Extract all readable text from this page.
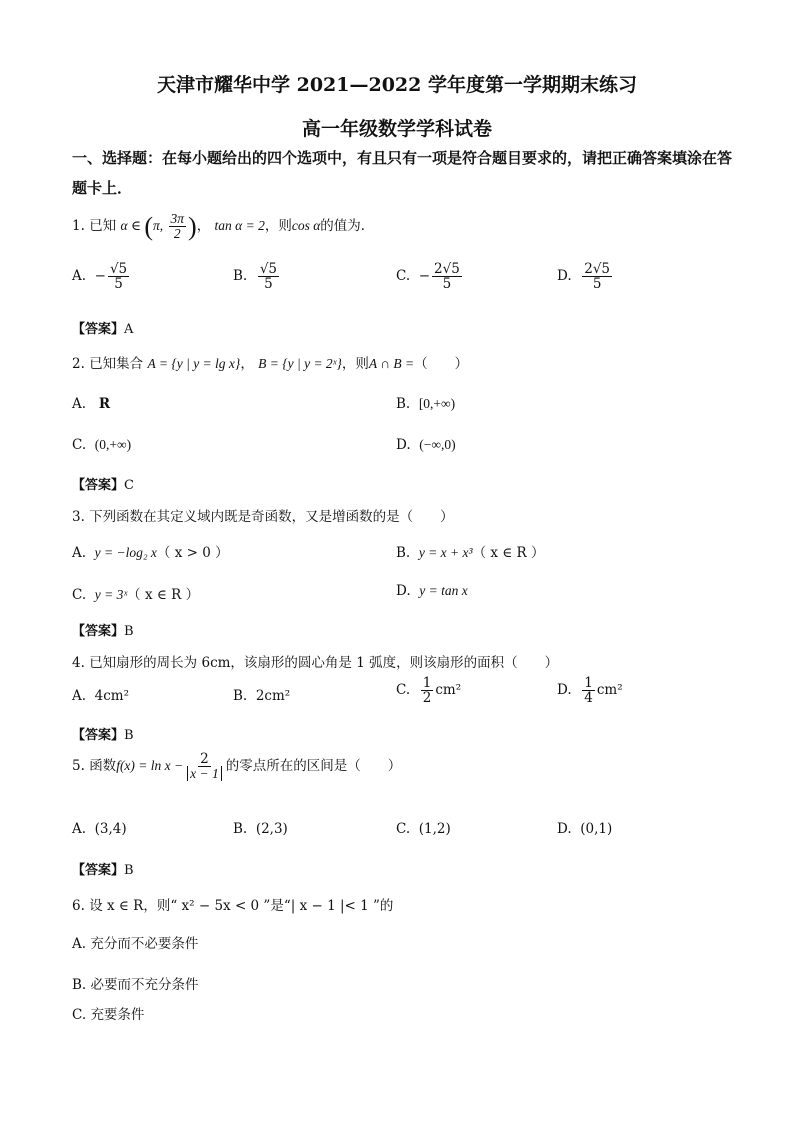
天津市耀华中学 2021—2022 学年度第一学期期末练习
高一年级数学学科试卷
一、选择题：在每小题给出的四个选项中，有且只有一项是符合题目要求的，请把正确答案填涂在答题卡上．
1. 已知 α ∈ (π, $\frac{3\pi}{2}$ )， tan α = 2，则cos α的值为．
A. − $\frac{√5}{5}$	B. $\frac{√5}{5}$	C. − $\frac{2√5}{5}$	D. $\frac{2√5}{5}$
【答案】A
2. 已知集合 A = {y | y = lg x}， B = {y | y = 2ˣ}，则A ∩ B =（　　）
A. R	B. [0,+∞)
C. (0,+∞)	D. (−∞,0)
【答案】C
3. 下列函数在其定义域内既是奇函数，又是增函数的是（　　）
A. y = −log₂ x（ x > 0 ）	B. y = x + x³（ x ∈ R ）
C. y = 3ˣ（ x ∈ R ）	D. y = tan x
【答案】B
4. 已知扇形的周长为 6cm，该扇形的圆心角是 1 弧度，则该扇形的面积（　　）
A. 4cm²	B. 2cm²	C. $\frac{1}{2} cm^2$	D. $\frac{1}{4} cm^2$
【答案】B
5. 函数$f(x) = \ln x - \frac{2}{x - 1}$ 的零点所在的区间是（　　）
A. (3,4)	B. (2,3)	C. (1,2)	D. (0,1)
【答案】B
6. 设 x ∈ R，则“ x² − 5x < 0 ”是“| x − 1 |< 1 ”的
A. 充分而不必要条件
B. 必要而不充分条件
C. 充要条件
